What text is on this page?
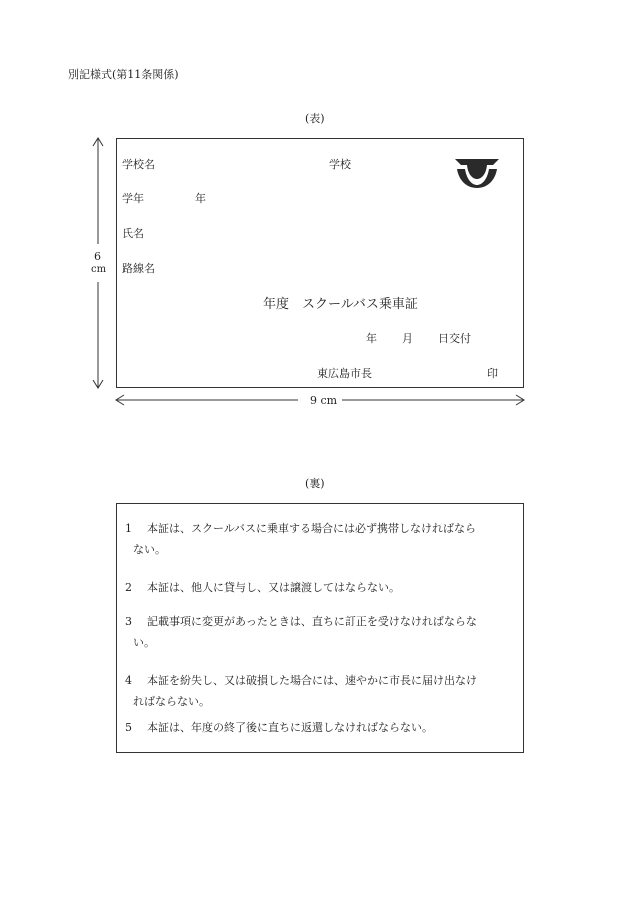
別記様式(第11条関係)
(表)
6
cm
学校名	学校
学年	年
氏名
路線名
年度　スクールバス乗車証
年 月 日交付
東広島市長	印
9 cm
(裏)
1 本証は、スクールバスに乗車する場合には必ず携帯しなければなら
ない。
2 本証は、他人に貸与し、又は譲渡してはならない。
3 記載事項に変更があったときは、直ちに訂正を受けなければならな
い。
4 本証を紛失し、又は破損した場合には、速やかに市長に届け出なけ
ればならない。
5 本証は、年度の終了後に直ちに返還しなければならない。
